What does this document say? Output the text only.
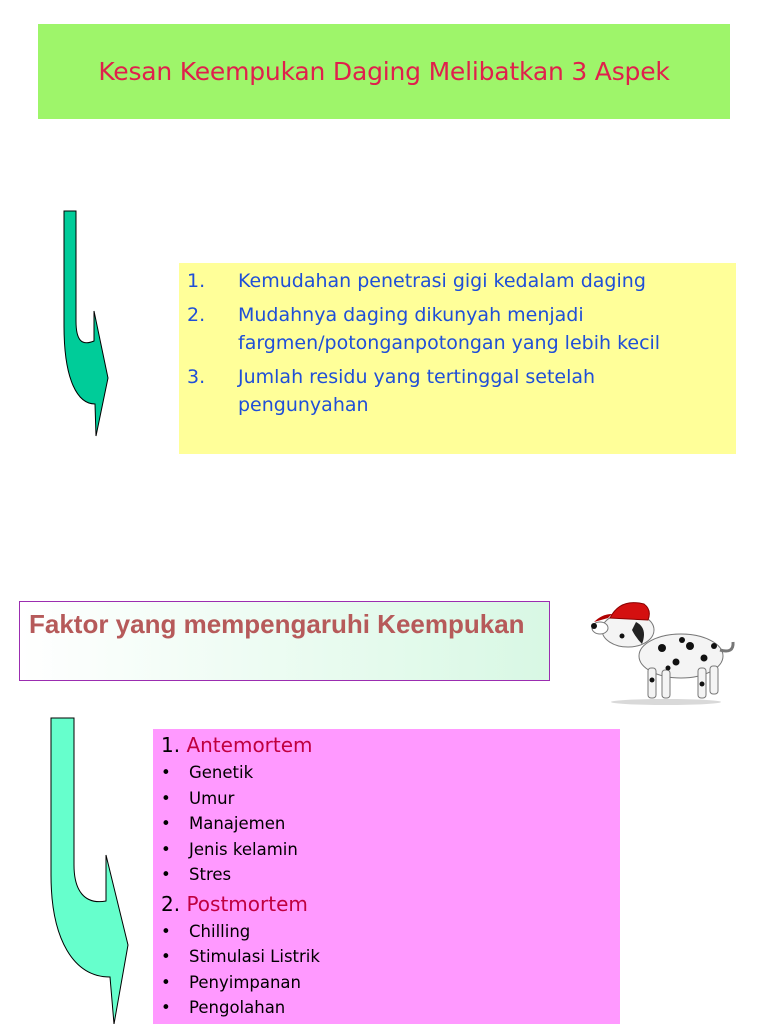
Kesan Keempukan Daging Melibatkan 3 Aspek
1.	Kemudahan penetrasi gigi kedalam daging
2.	Mudahnya daging dikunyah menjadi fargmen/potonganpotongan yang lebih kecil
3.	Jumlah residu yang tertinggal setelah pengunyahan
Faktor yang mempengaruhi Keempukan
1. Antemortem
•	Genetik
•	Umur
•	Manajemen
•	Jenis kelamin
•	Stres
2. Postmortem
•	Chilling
•	Stimulasi Listrik
•	Penyimpanan
•	Pengolahan
